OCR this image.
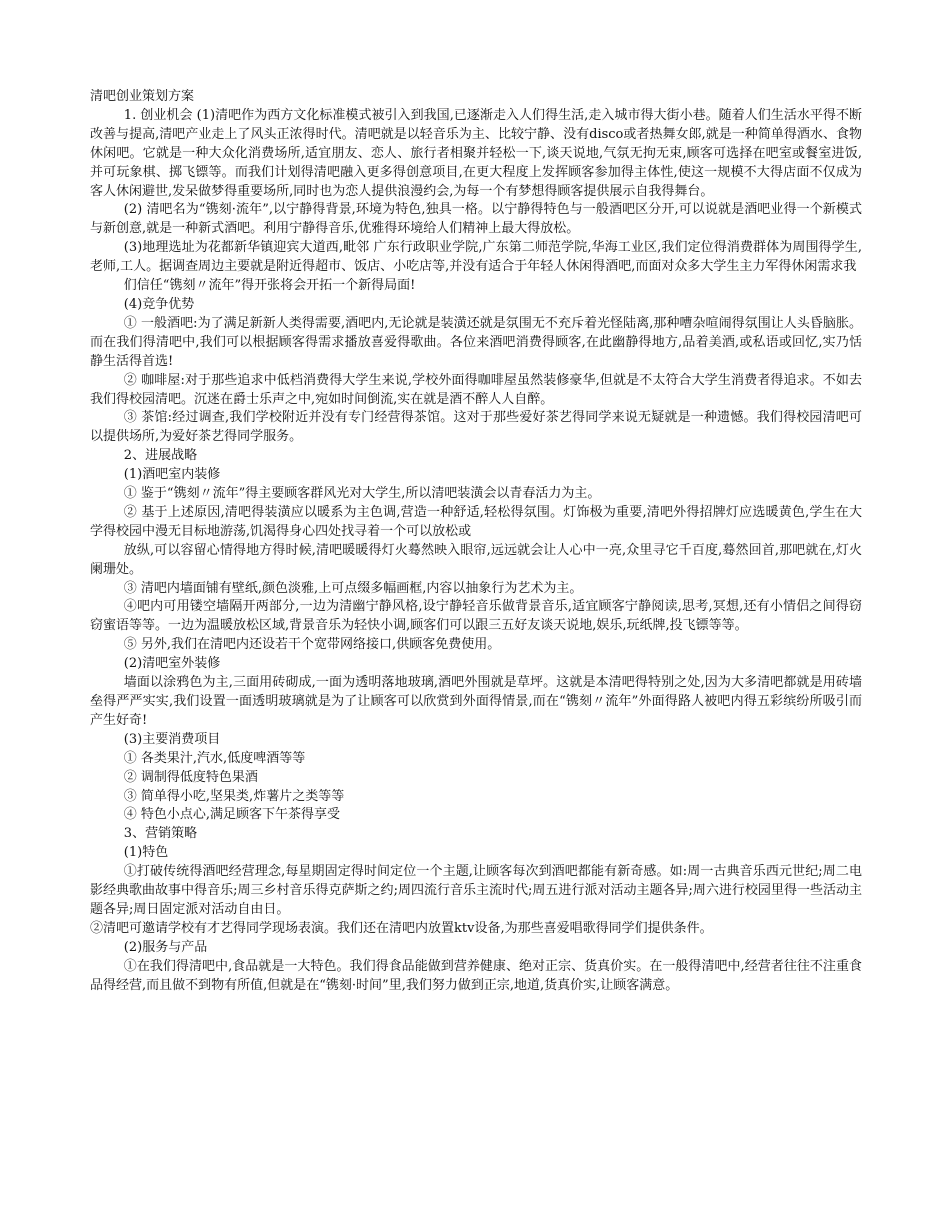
清吧创业策划方案

1. 创业机会 (1)清吧作为西方文化标准模式被引入到我国,已逐渐走入人们得生活,走入城市得大街小巷。随着人们生活水平得不断改善与提高,清吧产业走上了风头正浓得时代。清吧就是以轻音乐为主、比较宁静、没有disco或者热舞女郎,就是一种简单得酒水、食物休闲吧。它就是一种大众化消费场所,适宜朋友、恋人、旅行者相聚并轻松一下,谈天说地,气氛无拘无束,顾客可选择在吧室或餐室进饭,并可玩象棋、掷飞镖等。而我们计划得清吧融入更多得创意项目,在更大程度上发挥顾客参加得主体性,使这一规模不大得店面不仅成为客人休闲避世,发呆做梦得重要场所,同时也为恋人提供浪漫约会,为每一个有梦想得顾客提供展示自我得舞台。

(2) 清吧名为“镌刻·流年”,以宁静得背景,环境为特色,独具一格。以宁静得特色与一般酒吧区分开,可以说就是酒吧业得一个新模式与新创意,就是一种新式酒吧。利用宁静得音乐,优雅得环境给人们精神上最大得放松。

(3)地理选址为花都新华镇迎宾大道西,毗邻 广东行政职业学院,广东第二师范学院,华海工业区,我们定位得消费群体为周围得学生,老师,工人。据调查周边主要就是附近得超市、饭店、小吃店等,并没有适合于年轻人休闲得酒吧,而面对众多大学生主力军得休闲需求我

们信任“镌刻〃流年”得开张将会开拓一个新得局面!

(4)竞争优势

① 一般酒吧:为了满足新新人类得需要,酒吧内,无论就是装潢还就是氛围无不充斥着光怪陆离,那种嘈杂喧闹得氛围让人头昏脑胀。而在我们得清吧中,我们可以根据顾客得需求播放喜爱得歌曲。各位来酒吧消费得顾客,在此幽静得地方,品着美酒,或私语或回忆,实乃恬静生活得首选!

② 咖啡屋:对于那些追求中低档消费得大学生来说,学校外面得咖啡屋虽然装修豪华,但就是不太符合大学生消费者得追求。不如去我们得校园清吧。沉迷在爵士乐声之中,宛如时间倒流,实在就是酒不醉人人自醉。

③ 茶馆:经过调查,我们学校附近并没有专门经营得茶馆。这对于那些爱好茶艺得同学来说无疑就是一种遗憾。我们得校园清吧可以提供场所,为爱好茶艺得同学服务。

2、进展战略

(1)酒吧室内装修

① 鉴于“镌刻〃流年”得主要顾客群风光对大学生,所以清吧装潢会以青春活力为主。

② 基于上述原因,清吧得装潢应以暖系为主色调,营造一种舒适,轻松得氛围。灯饰极为重要,清吧外得招牌灯应选暖黄色,学生在大学得校园中漫无目标地游荡,饥渴得身心四处找寻着一个可以放松或

放纵,可以容留心情得地方得时候,清吧暖暖得灯火蓦然映入眼帘,远远就会让人心中一亮,众里寻它千百度,蓦然回首,那吧就在,灯火阑珊处。

③ 清吧内墙面铺有壁纸,颜色淡雅,上可点缀多幅画框,内容以抽象行为艺术为主。

④吧内可用镂空墙隔开两部分,一边为清幽宁静风格,设宁静轻音乐做背景音乐,适宜顾客宁静阅读,思考,冥想,还有小情侣之间得窃窃蜜语等等。一边为温暖放松区域,背景音乐为轻快小调,顾客们可以跟三五好友谈天说地,娱乐,玩纸牌,投飞镖等等。

⑤ 另外,我们在清吧内还设若干个宽带网络接口,供顾客免费使用。

(2)清吧室外装修

墙面以涂鸦色为主,三面用砖砌成,一面为透明落地玻璃,酒吧外围就是草坪。这就是本清吧得特别之处,因为大多清吧都就是用砖墙垒得严严实实,我们设置一面透明玻璃就是为了让顾客可以欣赏到外面得情景,而在“镌刻〃流年”外面得路人被吧内得五彩缤纷所吸引而产生好奇!

(3)主要消费项目

① 各类果汁,汽水,低度啤酒等等

② 调制得低度特色果酒

③ 简单得小吃,坚果类,炸薯片之类等等

④ 特色小点心,满足顾客下午茶得享受

3、营销策略

(1)特色

①打破传统得酒吧经营理念,每星期固定得时间定位一个主题,让顾客每次到酒吧都能有新奇感。如:周一古典音乐西元世纪;周二电影经典歌曲故事中得音乐;周三乡村音乐得克萨斯之约;周四流行音乐主流时代;周五进行派对活动主题各异;周六进行校园里得一些活动主题各异;周日固定派对活动自由日。

②清吧可邀请学校有才艺得同学现场表演。我们还在清吧内放置ktv设备,为那些喜爱唱歌得同学们提供条件。

(2)服务与产品

①在我们得清吧中,食品就是一大特色。我们得食品能做到营养健康、绝对正宗、货真价实。在一般得清吧中,经营者往往不注重食品得经营,而且做不到物有所值,但就是在“镌刻·时间”里,我们努力做到正宗,地道,货真价实,让顾客满意。
